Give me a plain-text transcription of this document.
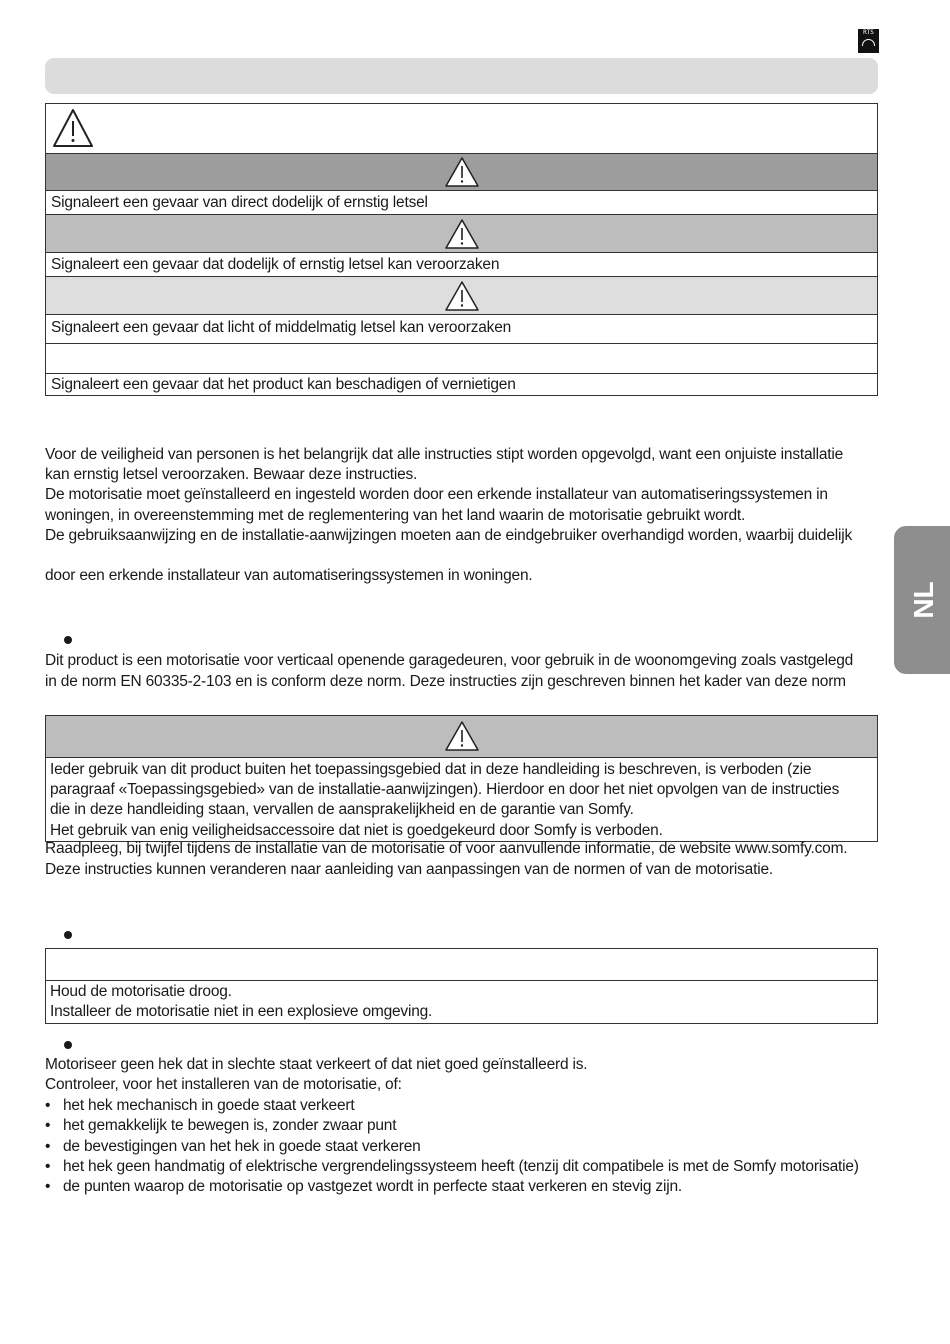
RTS
Signaleert een gevaar van direct dodelijk of ernstig letsel
Signaleert een gevaar dat dodelijk of ernstig letsel kan veroorzaken
Signaleert een gevaar dat licht of middelmatig letsel kan veroorzaken
Signaleert een gevaar dat het product kan beschadigen of vernietigen
Voor de veiligheid van personen is het belangrijk dat alle instructies stipt worden opgevolgd, want een onjuiste installatie
kan ernstig letsel veroorzaken. Bewaar deze instructies.
De motorisatie moet geïnstalleerd en ingesteld worden door een erkende installateur van automatiseringssystemen in
woningen, in overeenstemming met de reglementering van het land waarin de motorisatie gebruikt wordt.
De gebruiksaanwijzing en de installatie-aanwijzingen moeten aan de eindgebruiker overhandigd worden, waarbij duidelijk
door een erkende installateur van automatiseringssystemen in woningen.
NL
Dit product is een motorisatie voor verticaal openende garagedeuren, voor gebruik in de woonomgeving zoals vastgelegd
in de norm EN 60335-2-103 en is conform deze norm. Deze instructies zijn geschreven binnen het kader van deze norm
Ieder gebruik van dit product buiten het toepassingsgebied dat in deze handleiding is beschreven, is verboden (zie
paragraaf «Toepassingsgebied» van de installatie-aanwijzingen). Hierdoor en door het niet opvolgen van de instructies
die in deze handleiding staan, vervallen de aansprakelijkheid en de garantie van Somfy.
Het gebruik van enig veiligheidsaccessoire dat niet is goedgekeurd door Somfy is verboden.
Raadpleeg, bij twijfel tijdens de installatie van de motorisatie of voor aanvullende informatie, de website www.somfy.com.
Deze instructies kunnen veranderen naar aanleiding van aanpassingen van de normen of van de motorisatie.
Houd de motorisatie droog.
Installeer de motorisatie niet in een explosieve omgeving.
Motoriseer geen hek dat in slechte staat verkeert of dat niet goed geïnstalleerd is.
Controleer, voor het installeren van de motorisatie, of:
• het hek mechanisch in goede staat verkeert
• het gemakkelijk te bewegen is, zonder zwaar punt
• de bevestigingen van het hek in goede staat verkeren
• het hek geen handmatig of elektrische vergrendelingssysteem heeft (tenzij dit compatibele is met de Somfy motorisatie)
• de punten waarop de motorisatie op vastgezet wordt in perfecte staat verkeren en stevig zijn.
